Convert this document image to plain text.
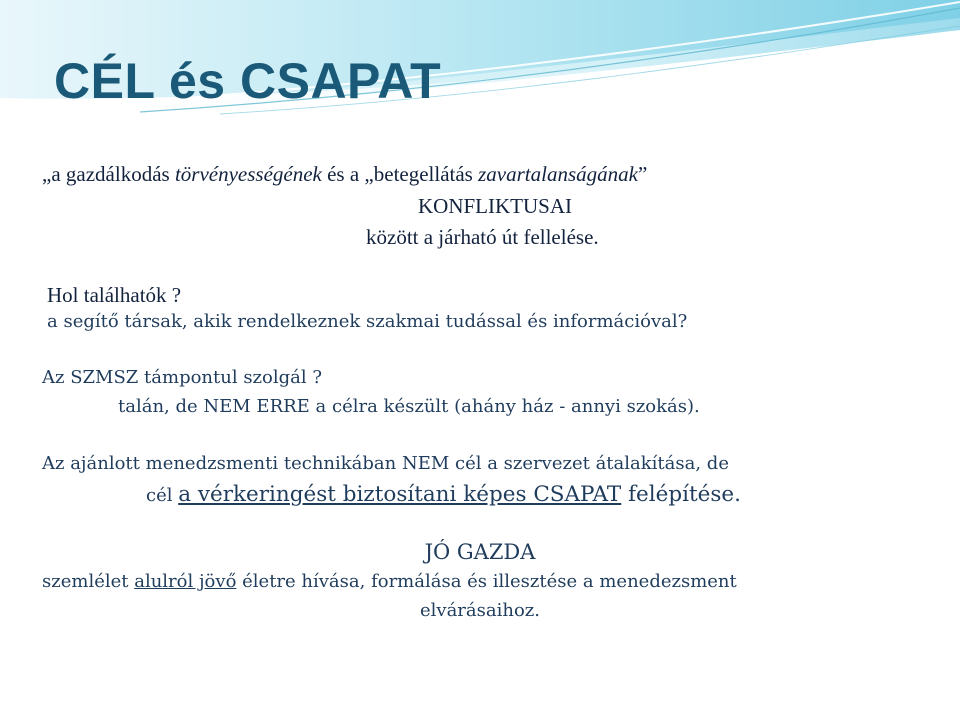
CÉL és CSAPAT

„a gazdálkodás törvényességének és a „betegellátás zavartalanságának”

KONFLIKTUSAI

között a járható út fellelése.

Hol találhatók ?

a segítő társak, akik rendelkeznek szakmai tudással és információval?

Az SZMSZ támpontul szolgál ?

talán, de NEM ERRE a célra készült (ahány ház - annyi szokás).

Az ajánlott menedzsmenti technikában NEM cél a szervezet átalakítása, de

cél a vérkeringést biztosítani képes CSAPAT felépítése.

JÓ GAZDA

szemlélet alulról jövő életre hívása, formálása és illesztése a menedezsment

elvárásaihoz.
